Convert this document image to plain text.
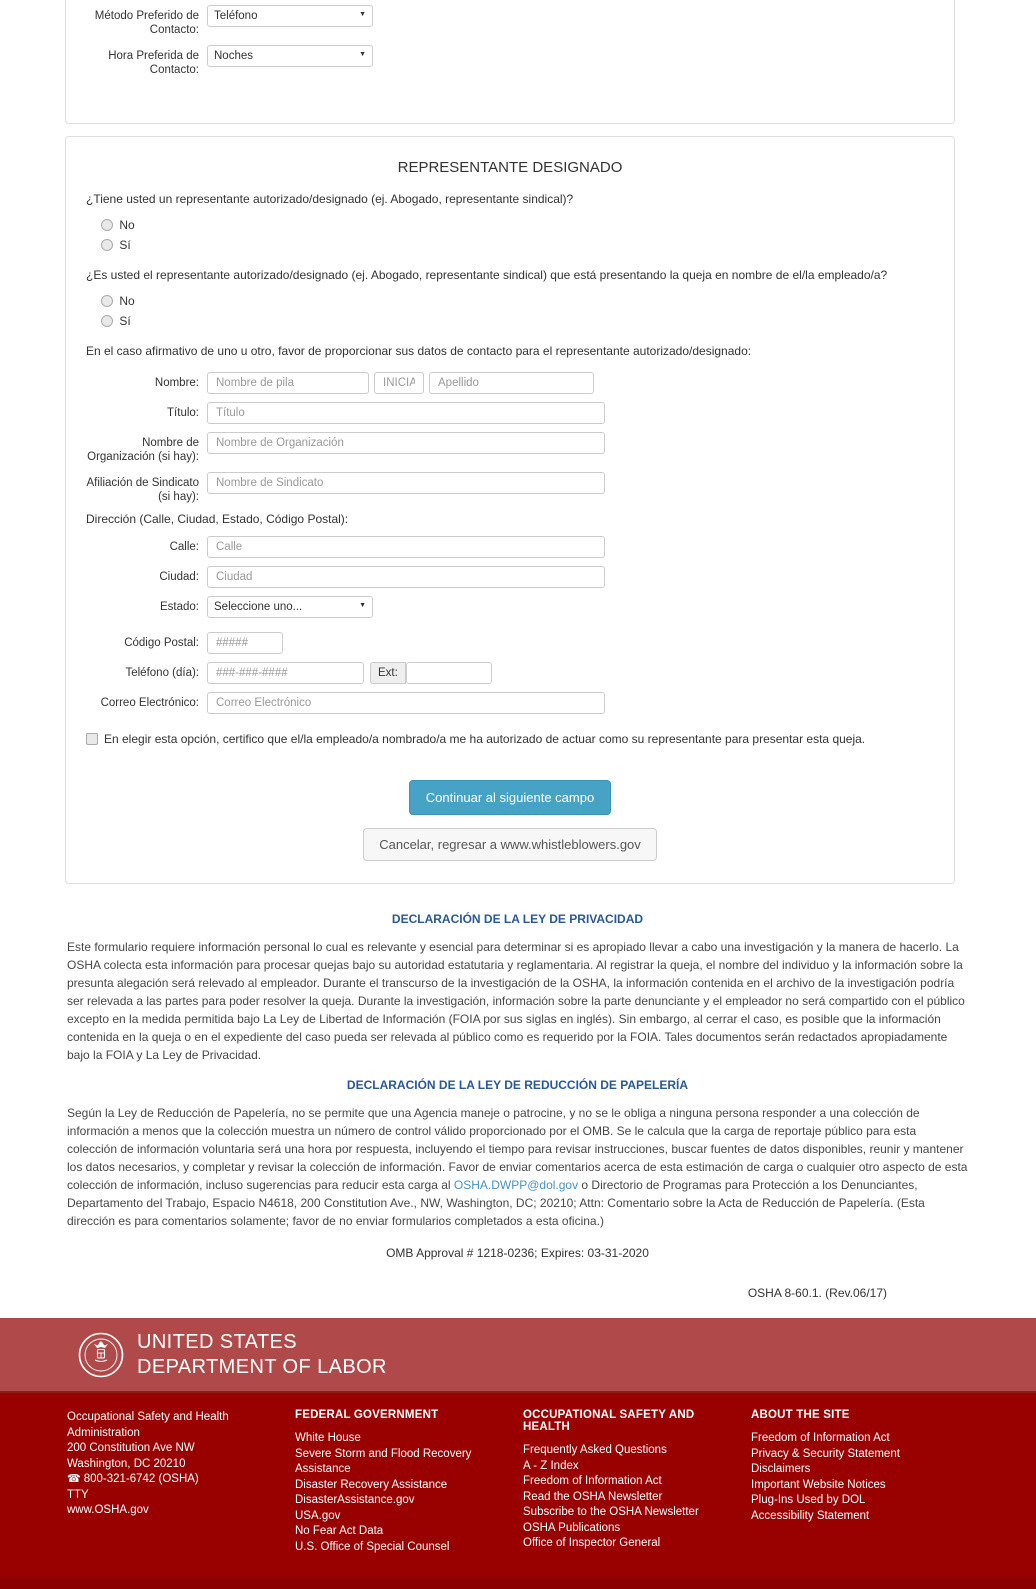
Método Preferido de Contacto:
Teléfono
▼
Hora Preferida de Contacto:
Noches
▼
REPRESENTANTE DESIGNADO
¿Tiene usted un representante autorizado/designado (ej. Abogado, representante sindical)?
No
Sí
¿Es usted el representante autorizado/designado (ej. Abogado, representante sindical) que está presentando la queja en nombre de el/la empleado/a?
No
Sí
En el caso afirmativo de uno u otro, favor de proporcionar sus datos de contacto para el representante autorizado/designado:
Nombre:
Nombre de pila
INICIAL
Apellido
Título:
Título
Nombre de Organización (si hay):
Nombre de Organización
Afiliación de Sindicato (si hay):
Nombre de Sindicato
Dirección (Calle, Ciudad, Estado, Código Postal):
Calle:
Calle
Ciudad:
Ciudad
Estado:
Seleccione uno...	▼
Código Postal:
#####
Teléfono (día):
###-###-####	Ext:
Correo Electrónico:
Correo Electrónico
En elegir esta opción, certifico que el/la empleado/a nombrado/a me ha autorizado de actuar como su representante para presentar esta queja.
Continuar al siguiente campo
Cancelar, regresar a www.whistleblowers.gov
DECLARACIÓN DE LA LEY DE PRIVACIDAD
Este formulario requiere información personal lo cual es relevante y esencial para determinar si es apropiado llevar a cabo una investigación y la manera de hacerlo. La OSHA colecta esta información para procesar quejas bajo su autoridad estatutaria y reglamentaria. Al registrar la queja, el nombre del individuo y la información sobre la presunta alegación será relevado al empleador. Durante el transcurso de la investigación de la OSHA, la información contenida en el archivo de la investigación podría ser relevada a las partes para poder resolver la queja. Durante la investigación, información sobre la parte denunciante y el empleador no será compartido con el público excepto en la medida permitida bajo La Ley de Libertad de Información (FOIA por sus siglas en inglés). Sin embargo, al cerrar el caso, es posible que la información contenida en la queja o en el expediente del caso pueda ser relevada al público como es requerido por la FOIA. Tales documentos serán redactados apropiadamente bajo la FOIA y La Ley de Privacidad.
DECLARACIÓN DE LA LEY DE REDUCCIÓN DE PAPELERÍA
Según la Ley de Reducción de Papelería, no se permite que una Agencia maneje o patrocine, y no se le obliga a ninguna persona responder a una colección de información a menos que la colección muestra un número de control válido proporcionado por el OMB. Se le calcula que la carga de reportaje público para esta colección de información voluntaria será una hora por respuesta, incluyendo el tiempo para revisar instrucciones, buscar fuentes de datos disponibles, reunir y mantener los datos necesarios, y completar y revisar la colección de información. Favor de enviar comentarios acerca de esta estimación de carga o cualquier otro aspecto de esta colección de información, incluso sugerencias para reducir esta carga al OSHA.DWPP@dol.gov o Directorio de Programas para Protección a los Denunciantes, Departamento del Trabajo, Espacio N4618, 200 Constitution Ave., NW, Washington, DC; 20210; Attn: Comentario sobre la Acta de Reducción de Papelería. (Esta dirección es para comentarios solamente; favor de no enviar formularios completados a esta oficina.)
OMB Approval # 1218-0236; Expires: 03-31-2020
OSHA 8-60.1. (Rev.06/17)
UNITED STATES
DEPARTMENT OF LABOR
Occupational Safety and Health Administration
200 Constitution Ave NW
Washington, DC 20210
☎ 800-321-6742 (OSHA)
TTY
www.OSHA.gov
FEDERAL GOVERNMENT
White House
Severe Storm and Flood Recovery Assistance
Disaster Recovery Assistance
DisasterAssistance.gov
USA.gov
No Fear Act Data
U.S. Office of Special Counsel
OCCUPATIONAL SAFETY AND HEALTH
Frequently Asked Questions
A - Z Index
Freedom of Information Act
Read the OSHA Newsletter
Subscribe to the OSHA Newsletter
OSHA Publications
Office of Inspector General
ABOUT THE SITE
Freedom of Information Act
Privacy & Security Statement
Disclaimers
Important Website Notices
Plug-Ins Used by DOL
Accessibility Statement
